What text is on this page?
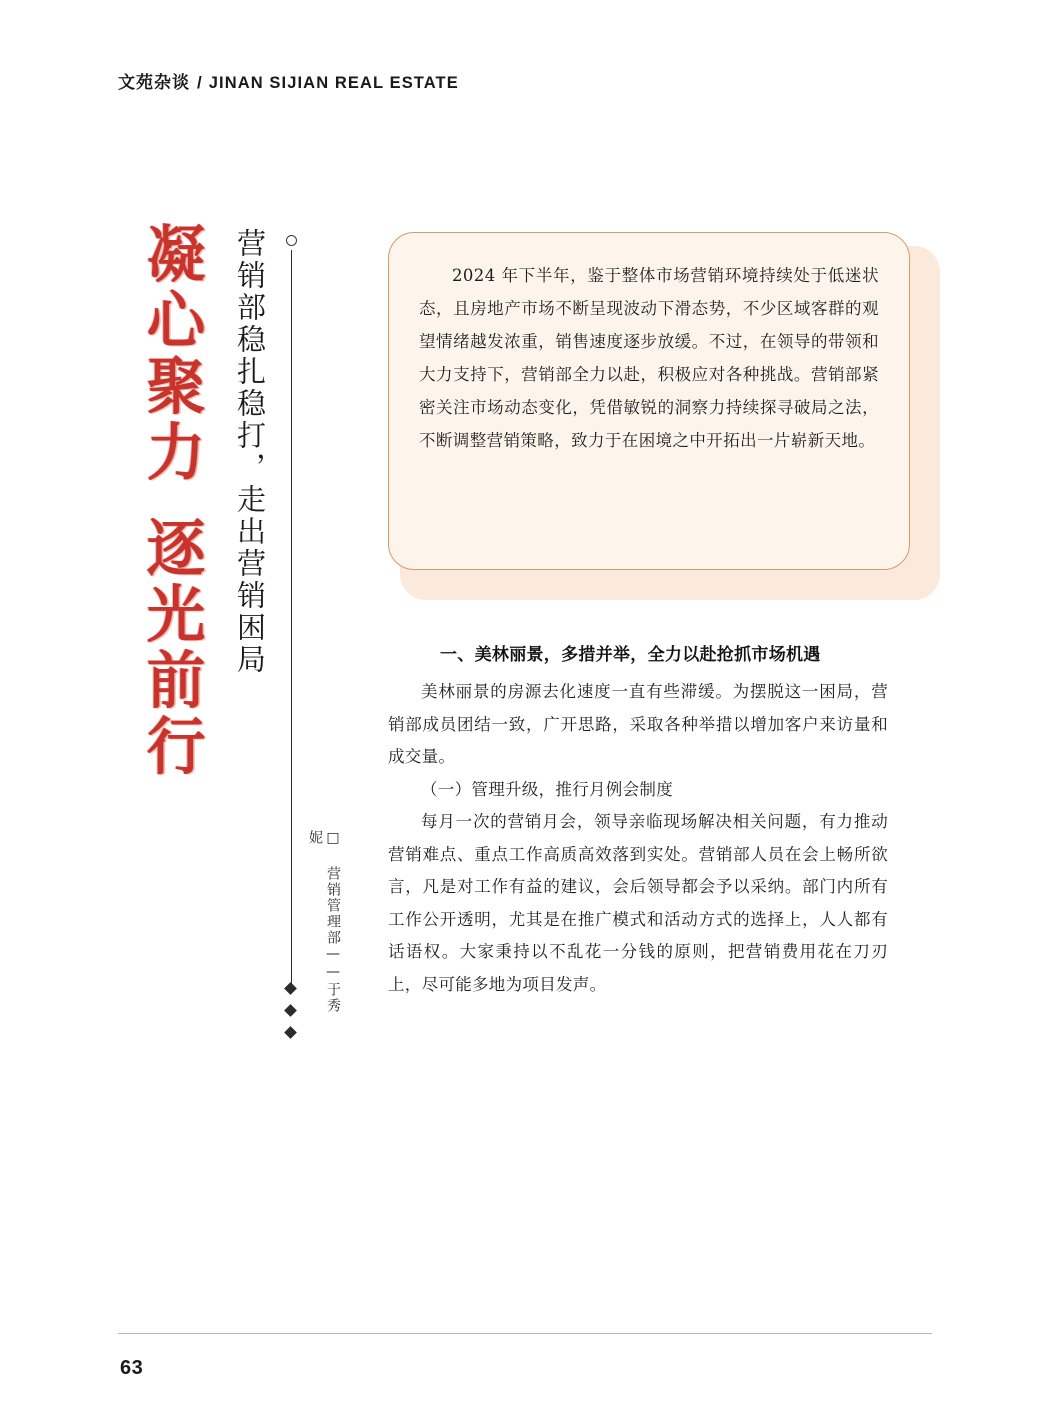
文苑杂谈 / JINAN SIJIAN REAL ESTATE
凝
心
聚
力
逐
光
前
行
营销部稳扎稳打，走出营销困局
□ 营销管理部——于秀妮

2024 年下半年，鉴于整体市场营销环境持续处于低迷状态，且房地产市场不断呈现波动下滑态势，不少区域客群的观望情绪越发浓重，销售速度逐步放缓。不过，在领导的带领和大力支持下，营销部全力以赴，积极应对各种挑战。营销部紧密关注市场动态变化，凭借敏锐的洞察力持续探寻破局之法，不断调整营销策略，致力于在困境之中开拓出一片崭新天地。

一、美林丽景，多措并举，全力以赴抢抓市场机遇

美林丽景的房源去化速度一直有些滞缓。为摆脱这一困局，营销部成员团结一致，广开思路，采取各种举措以增加客户来访量和成交量。

（一）管理升级，推行月例会制度

每月一次的营销月会，领导亲临现场解决相关问题，有力推动营销难点、重点工作高质高效落到实处。营销部人员在会上畅所欲言，凡是对工作有益的建议，会后领导都会予以采纳。部门内所有工作公开透明，尤其是在推广模式和活动方式的选择上，人人都有话语权。大家秉持以不乱花一分钱的原则，把营销费用花在刀刃上，尽可能多地为项目发声。

63
